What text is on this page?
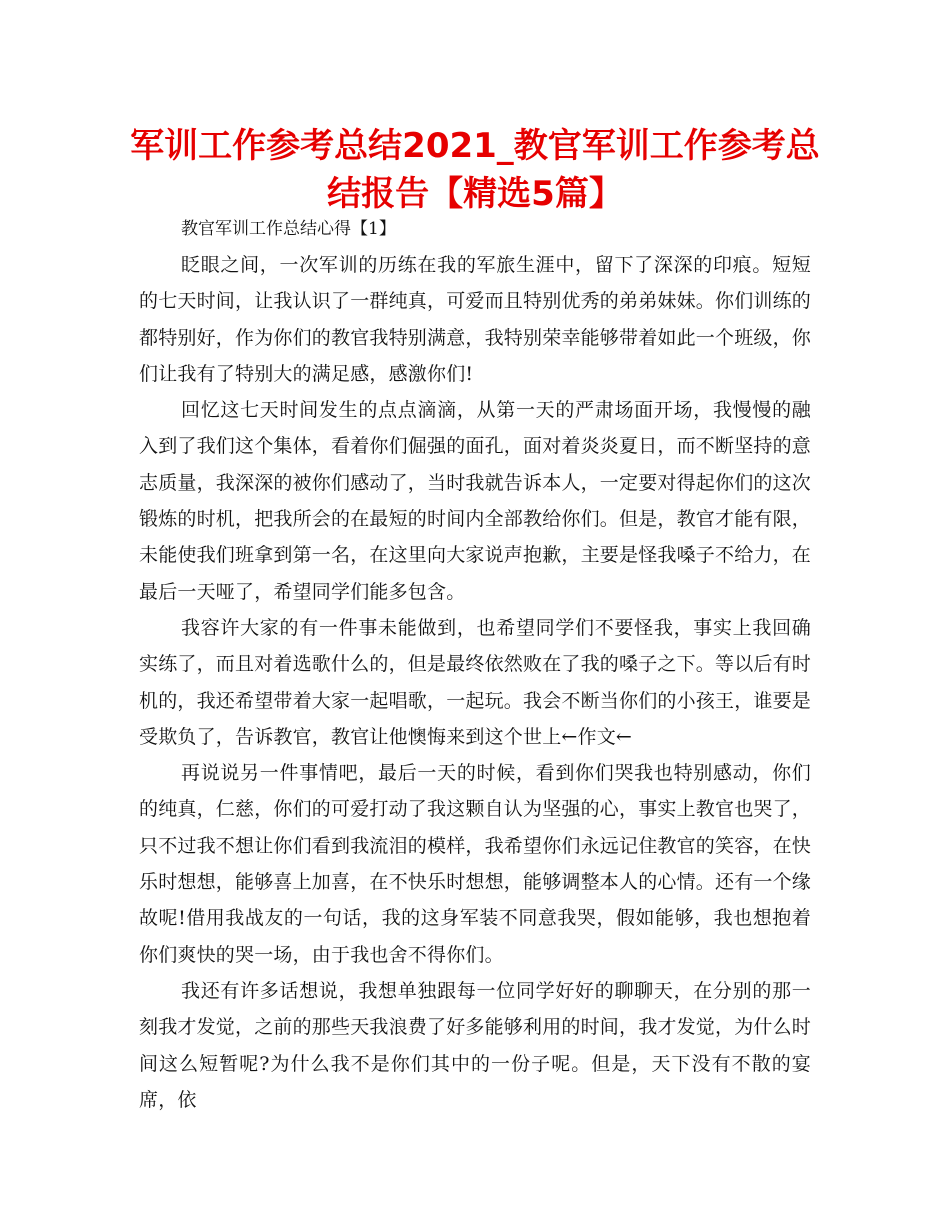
军训工作参考总结2021_教官军训工作参考总结报告【精选5篇】

教官军训工作总结心得【1】

眨眼之间，一次军训的历练在我的军旅生涯中，留下了深深的印痕。短短的七天时间，让我认识了一群纯真，可爱而且特别优秀的弟弟妹妹。你们训练的都特别好，作为你们的教官我特别满意，我特别荣幸能够带着如此一个班级，你们让我有了特别大的满足感，感激你们!

回忆这七天时间发生的点点滴滴，从第一天的严肃场面开场，我慢慢的融入到了我们这个集体，看着你们倔强的面孔，面对着炎炎夏日，而不断坚持的意志质量，我深深的被你们感动了，当时我就告诉本人，一定要对得起你们的这次锻炼的时机，把我所会的在最短的时间内全部教给你们。但是，教官才能有限，未能使我们班拿到第一名，在这里向大家说声抱歉，主要是怪我嗓子不给力，在最后一天哑了，希望同学们能多包含。

我容许大家的有一件事未能做到，也希望同学们不要怪我，事实上我回确实练了，而且对着选歌什么的，但是最终依然败在了我的嗓子之下。等以后有时机的，我还希望带着大家一起唱歌，一起玩。我会不断当你们的小孩王，谁要是受欺负了，告诉教官，教官让他懊悔来到这个世上←作文←

再说说另一件事情吧，最后一天的时候，看到你们哭我也特别感动，你们的纯真，仁慈，你们的可爱打动了我这颗自认为坚强的心，事实上教官也哭了，只不过我不想让你们看到我流泪的模样，我希望你们永远记住教官的笑容，在快乐时想想，能够喜上加喜，在不快乐时想想，能够调整本人的心情。还有一个缘故呢!借用我战友的一句话，我的这身军装不同意我哭，假如能够，我也想抱着你们爽快的哭一场，由于我也舍不得你们。

我还有许多话想说，我想单独跟每一位同学好好的聊聊天，在分别的那一刻我才发觉，之前的那些天我浪费了好多能够利用的时间，我才发觉，为什么时间这么短暂呢?为什么我不是你们其中的一份子呢。但是，天下没有不散的宴席，依
